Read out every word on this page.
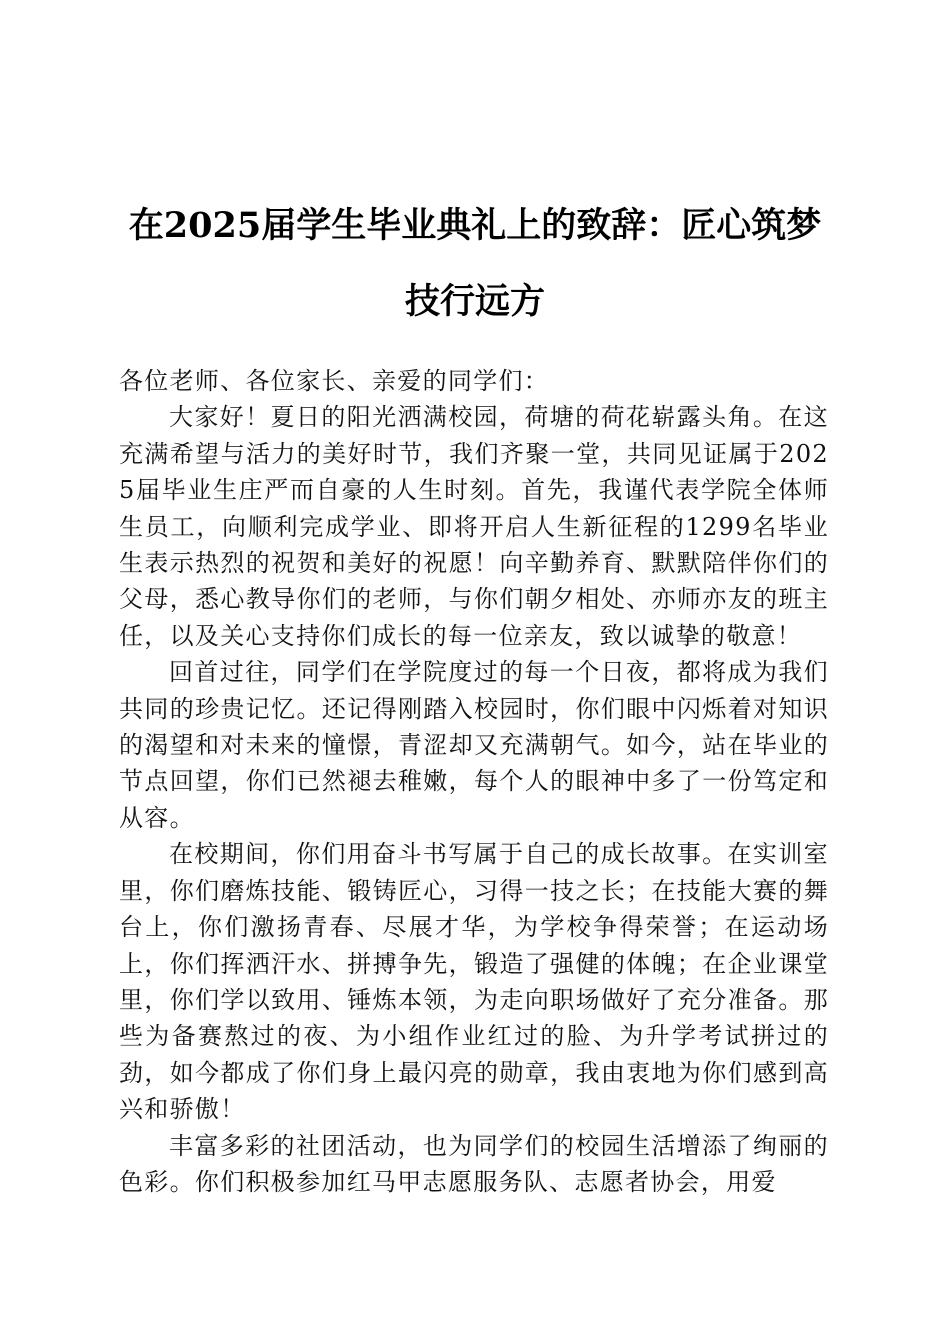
在2025届学生毕业典礼上的致辞：匠心筑梦
技行远方

各位老师、各位家长、亲爱的同学们：

大家好！夏日的阳光洒满校园，荷塘的荷花崭露头角。在这充满希望与活力的美好时节，我们齐聚一堂，共同见证属于2025届毕业生庄严而自豪的人生时刻。首先，我谨代表学院全体师生员工，向顺利完成学业、即将开启人生新征程的1299名毕业生表示热烈的祝贺和美好的祝愿！向辛勤养育、默默陪伴你们的父母，悉心教导你们的老师，与你们朝夕相处、亦师亦友的班主任，以及关心支持你们成长的每一位亲友，致以诚挚的敬意！

回首过往，同学们在学院度过的每一个日夜，都将成为我们共同的珍贵记忆。还记得刚踏入校园时，你们眼中闪烁着对知识的渴望和对未来的憧憬，青涩却又充满朝气。如今，站在毕业的节点回望，你们已然褪去稚嫩，每个人的眼神中多了一份笃定和从容。

在校期间，你们用奋斗书写属于自己的成长故事。在实训室里，你们磨炼技能、锻铸匠心，习得一技之长；在技能大赛的舞台上，你们激扬青春、尽展才华，为学校争得荣誉；在运动场上，你们挥洒汗水、拼搏争先，锻造了强健的体魄；在企业课堂里，你们学以致用、锤炼本领，为走向职场做好了充分准备。那些为备赛熬过的夜、为小组作业红过的脸、为升学考试拼过的劲，如今都成了你们身上最闪亮的勋章，我由衷地为你们感到高兴和骄傲！

丰富多彩的社团活动，也为同学们的校园生活增添了绚丽的色彩。你们积极参加红马甲志愿服务队、志愿者协会，用爱
